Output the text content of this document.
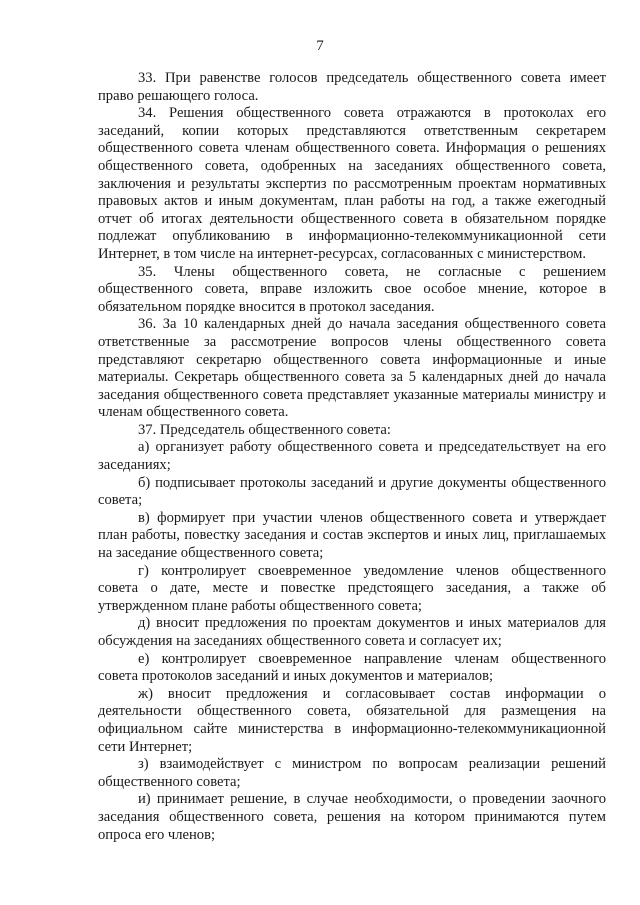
7

33. При равенстве голосов председатель общественного совета имеет право решающего голоса.

34. Решения общественного совета отражаются в протоколах его заседаний, копии которых представляются ответственным секретарем общественного совета членам общественного совета. Информация о решениях общественного совета, одобренных на заседаниях общественного совета, заключения и результаты экспертиз по рассмотренным проектам нормативных правовых актов и иным документам, план работы на год, а также ежегодный отчет об итогах деятельности общественного совета в обязательном порядке подлежат опубликованию в информационно-телекоммуникационной сети Интернет, в том числе на интернет-ресурсах, согласованных с министерством.

35. Члены общественного совета, не согласные с решением общественного совета, вправе изложить свое особое мнение, которое в обязательном порядке вносится в протокол заседания.

36. За 10 календарных дней до начала заседания общественного совета ответственные за рассмотрение вопросов члены общественного совета представляют секретарю общественного совета информационные и иные материалы. Секретарь общественного совета за 5 календарных дней до начала заседания общественного совета представляет указанные материалы министру и членам общественного совета.

37. Председатель общественного совета:

а) организует работу общественного совета и председательствует на его заседаниях;

б) подписывает протоколы заседаний и другие документы общественного совета;

в) формирует при участии членов общественного совета и утверждает план работы, повестку заседания и состав экспертов и иных лиц, приглашаемых на заседание общественного совета;

г) контролирует своевременное уведомление членов общественного совета о дате, месте и повестке предстоящего заседания, а также об утвержденном плане работы общественного совета;

д) вносит предложения по проектам документов и иных материалов для обсуждения на заседаниях общественного совета и согласует их;

е) контролирует своевременное направление членам общественного совета протоколов заседаний и иных документов и материалов;

ж) вносит предложения и согласовывает состав информации о деятельности общественного совета, обязательной для размещения на официальном сайте министерства в информационно-телекоммуникационной сети Интернет;

з) взаимодействует с министром по вопросам реализации решений общественного совета;

и) принимает решение, в случае необходимости, о проведении заочного заседания общественного совета, решения на котором принимаются путем опроса его членов;
